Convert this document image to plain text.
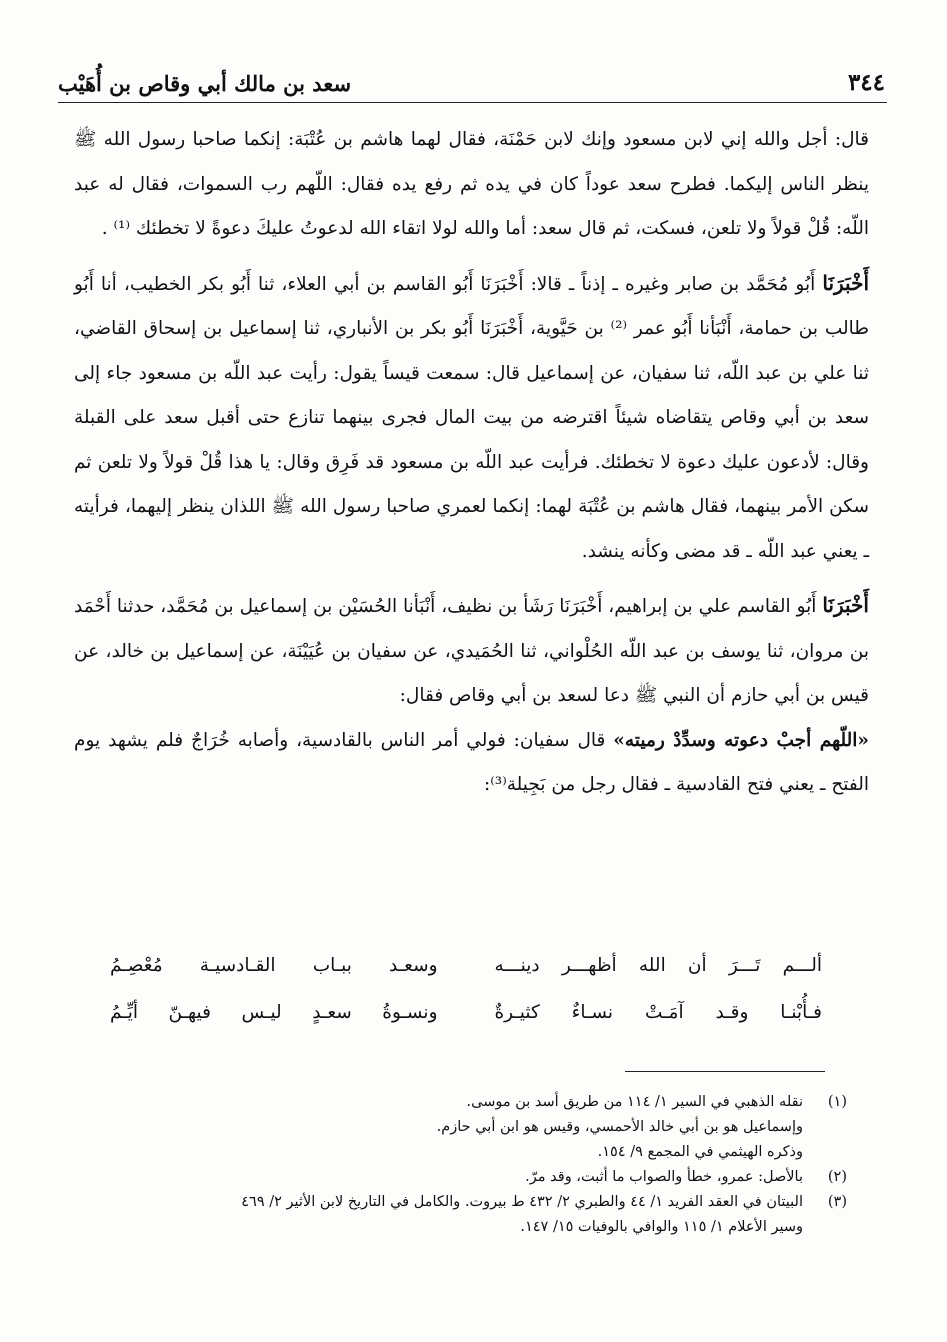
٣٤٤
سعد بن مالك أبي وقاص بن أُهَيْب

قال: أجل والله إني لابن مسعود وإنك لابن حَمْنَة، فقال لهما هاشم بن عُتْبَة: إنكما صاحبا رسول الله ﷺ ينظر الناس إليكما. فطرح سعد عوداً كان في يده ثم رفع يده فقال: اللّهم رب السموات، فقال له عبد اللّه: قُلْ قولاً ولا تلعن، فسكت، ثم قال سعد: أما والله لولا اتقاء الله لدعوتُ عليكَ دعوةً لا تخطئك ⁽¹⁾ .

أَخْبَرَنَا أَبُو مُحَمَّد بن صابر وغيره ـ إذناً ـ قالا: أَخْبَرَنَا أَبُو القاسم بن أبي العلاء، ثنا أَبُو بكر الخطيب، أنا أَبُو طالب بن حمامة، أَنْبَأنا أَبُو عمر ⁽²⁾ بن حَيَّوية، أَخْبَرَنَا أَبُو بكر بن الأنباري، ثنا إسماعيل بن إسحاق القاضي، ثنا علي بن عبد اللّه، ثنا سفيان، عن إسماعيل قال: سمعت قيساً يقول: رأيت عبد اللّه بن مسعود جاء إلى سعد بن أبي وقاص يتقاضاه شيئاً اقترضه من بيت المال فجرى بينهما تنازع حتى أقبل سعد على القبلة وقال: لأدعون عليك دعوة لا تخطئك. فرأيت عبد اللّه بن مسعود قد فَرِق وقال: يا هذا قُلْ قولاً ولا تلعن ثم سكن الأمر بينهما، فقال هاشم بن عُتْبَة لهما: إنكما لعمري صاحبا رسول الله ﷺ اللذان ينظر إليهما، فرأيته ـ يعني عبد اللّه ـ قد مضى وكأنه ينشد.

أَخْبَرَنَا أَبُو القاسم علي بن إبراهيم، أَخْبَرَنَا رَشَأ بن نظيف، أَنْبَأنا الحُسَيْن بن إسماعيل بن مُحَمَّد، حدثنا أَحْمَد بن مروان، ثنا يوسف بن عبد اللّه الحُلْواني، ثنا الحُمَيدي، عن سفيان بن عُيَيْنَة، عن إسماعيل بن خالد، عن قيس بن أبي حازم أن النبي ﷺ دعا لسعد بن أبي وقاص فقال:

«اللّهم أجبْ دعوته وسدِّدْ رميته» قال سفيان: فولي أمر الناس بالقادسية، وأصابه خُرَاجٌ فلم يشهد يوم الفتح ـ يعني فتح القادسية ـ فقال رجل من بَجِيلة⁽³⁾:

ألـــم تَـــرَ أن الله أظهـــر دينـــه
وسعـد ببـاب القـادسيـة مُعْصِـمُ
فـأُبْنـا وقـد آمَـتْ نسـاءٌ كثيـرةٌ
ونسـوةُ سعـدٍ ليـس فيهـنّ أيِّـمُ
(١)
نقله الذهبي في السير ١/ ١١٤ من طريق أسد بن موسى.
وإسماعيل هو بن أبي خالد الأحمسي، وقيس هو ابن أبي حازم.
وذكره الهيثمي في المجمع ٩/ ١٥٤.
(٢)
بالأصل: عمرو، خطأ والصواب ما أثبت، وقد مرّ.
(٣)
البيتان في العقد الفريد ١/ ٤٤ والطبري ٢/ ٤٣٢ ط بيروت. والكامل في التاريخ لابن الأثير ٢/ ٤٦٩
وسير الأعلام ١/ ١١٥ والوافي بالوفيات ١٥/ ١٤٧.
